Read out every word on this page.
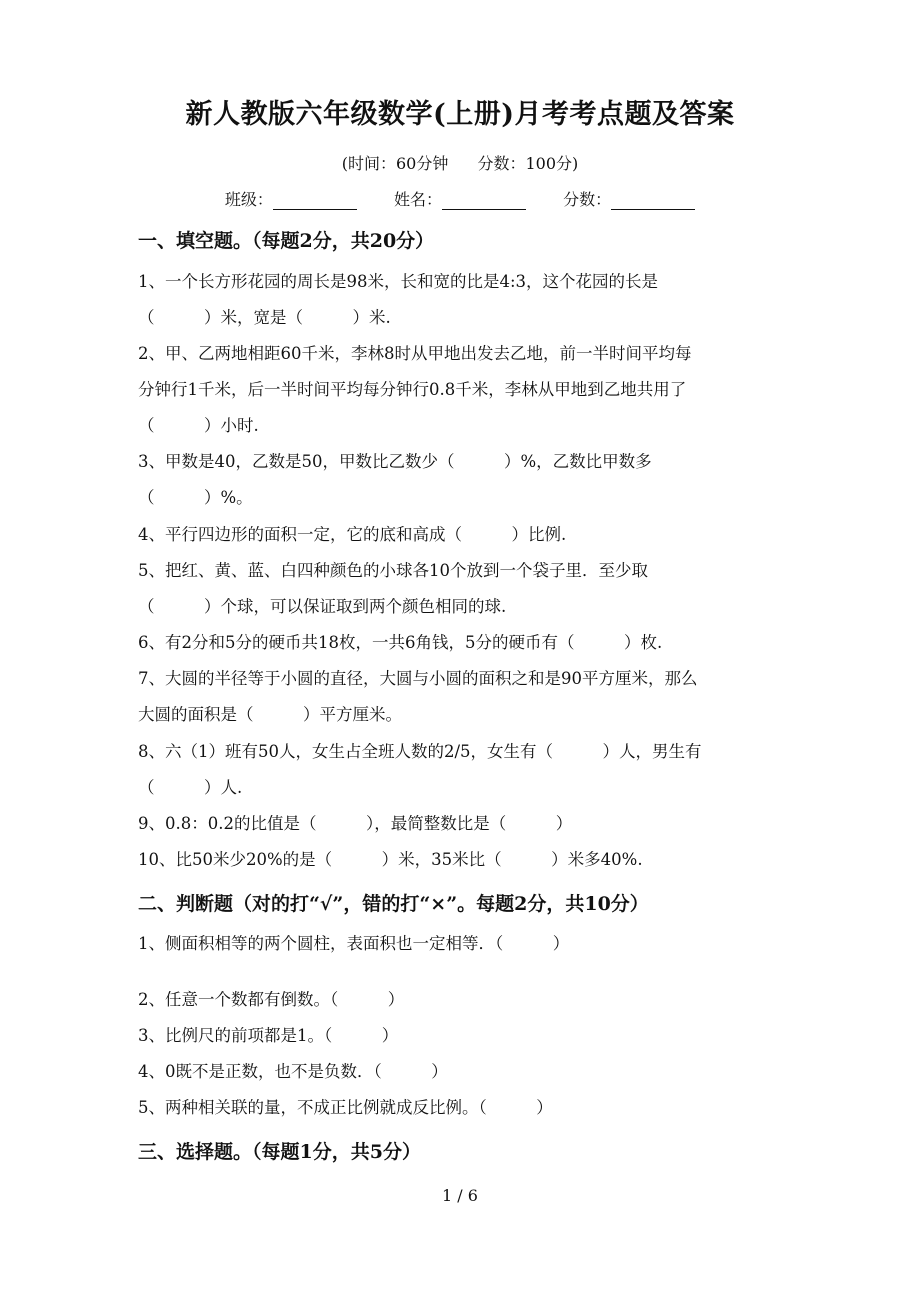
新人教版六年级数学(上册)月考考点题及答案
(时间：60分钟 分数：100分)
班级：	姓名：	分数：
一、填空题。（每题2分，共20分）
1、一个长方形花园的周长是98米，长和宽的比是4:3，这个花园的长是
（　　　）米，宽是（　　　）米.
2、甲、乙两地相距60千米，李林8时从甲地出发去乙地，前一半时间平均每
分钟行1千米，后一半时间平均每分钟行0.8千米，李林从甲地到乙地共用了
（　　　）小时.
3、甲数是40，乙数是50，甲数比乙数少（　　　）%，乙数比甲数多
（　　　）%。
4、平行四边形的面积一定，它的底和高成（　　　）比例.
5、把红、黄、蓝、白四种颜色的小球各10个放到一个袋子里．至少取
（　　　）个球，可以保证取到两个颜色相同的球.
6、有2分和5分的硬币共18枚，一共6角钱，5分的硬币有（　　　）枚.
7、大圆的半径等于小圆的直径，大圆与小圆的面积之和是90平方厘米，那么
大圆的面积是（　　　）平方厘米。
8、六（1）班有50人，女生占全班人数的2/5，女生有（　　　）人，男生有
（　　　）人.
9、0.8：0.2的比值是（　　　），最简整数比是（　　　）
10、比50米少20%的是（　　　）米，35米比（　　　）米多40%.
二、判断题（对的打“√”，错的打“×”。每题2分，共10分）
1、侧面积相等的两个圆柱，表面积也一定相等．（　　　）
2、任意一个数都有倒数。（　　　）
3、比例尺的前项都是1。（　　　）
4、0既不是正数，也不是负数．（　　　）
5、两种相关联的量，不成正比例就成反比例。（　　　）
三、选择题。（每题1分，共5分）
1 / 6
